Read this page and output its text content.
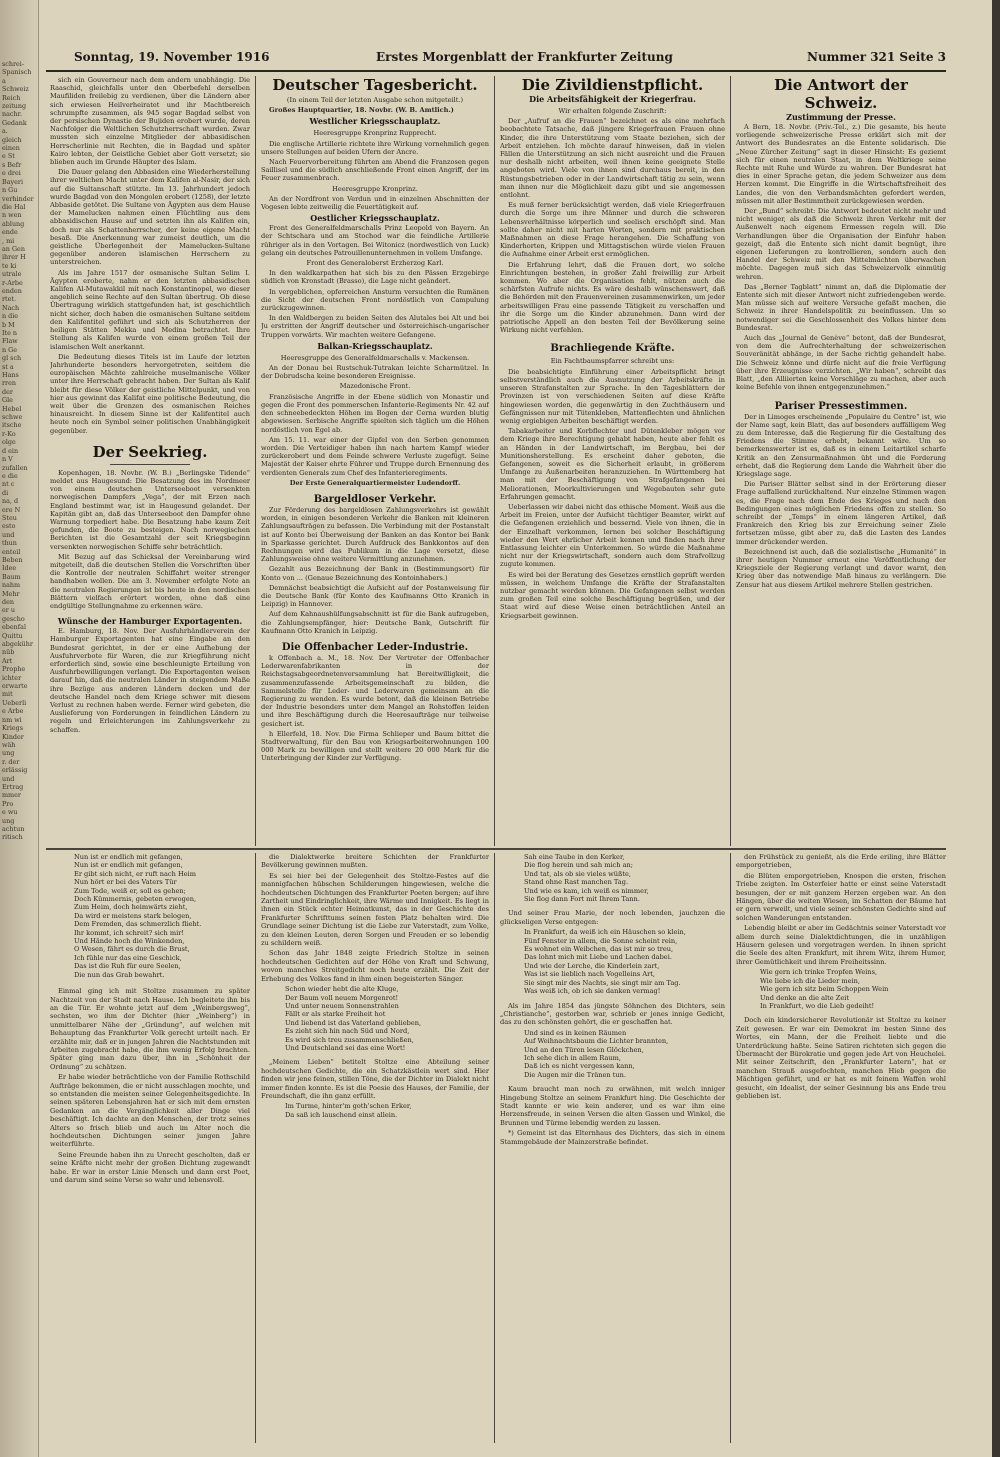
schrei-
Spanisch
a
Schweiz
Reich
zeitung
nachr.
Gedank
a.
gleich
einen
e St
s Befr
e drei
Bayeri
n Gu
verhinder
die Hal
n wen
ablung
ende
, mi
an Gen
ihrer H
te ki
utrale
r-Arbe
enden
rtet.
Nach
n die
b M
Ite n
Flaw
n Ge
gl sch
st a
Hans
rren
der
Gle
Hebel
schwe
itsche
r-Ko
olge
d ein
n V
zufallen
e die
nt c
di
na, d
ere N
Steu
esto
und
thun
enteil
Beben
Idee
Baum
nahm
Mehr
den
er u
gescho
ebenfal
Quittu
abgekühr
nüb
Art
Prophe
ichter
erwarte
mit
Ueberli
e Arbe
nm wi
Kriegs
Kinder
wäh
ung
r. der
erlässig
und
Ertrag
mmer
Pro
e wu
ung
achtun
ritisch
Sonntag, 19. November 1916	Erstes Morgenblatt der Frankfurter Zeitung	Nummer 321 Seite 3

sich ein Gouverneur nach dem andern unabhängig. Die Raaschid, gleichfalls unter den Oberbefehl derselben Maufiliden freilebig zu verdienen, über die Ländern aber sich erwiesen Heilverheiratet und ihr Machtbereich schrumpfte zusammen, als 945 sogar Bagdad selbst von der persischen Dynastie der Bujiden erobert wurde, deren Nachfolger die Weltlichen Schutzherrschaft wurden. Zwar mussten sich einzelne Mitglieder der abbasidischen Herrscherlinie mit Rechten, die in Bagdad und später Kairo lebten, der Geistliche Gebiet aber Gott versetzt; sie blieben auch im Grunde Häupter des Islam.

Die Dauer gelang den Abbasiden eine Wiederherstellung ihrer weltlichen Macht unter dem Kalifen al-Nasir, der sich auf die Sultanschaft stützte. Im 13. Jahrhundert jedoch wurde Bagdad von den Mongolen erobert (1258), der letzte Abbaside getötet. Die Sultane von Ägypten aus dem Hause der Mamelucken nahmen einen Flüchtling aus dem abbasidischen Hause auf und setzten ihn als Kalifen ein, doch nur als Schattenherrscher, der keine eigene Macht besaß. Die Anerkennung war zumeist deutlich, um die geistliche Überlegenheit der Mamelucken-Sultane gegenüber anderen islamischen Herrschern zu unterstreichen.

Als im Jahre 1517 der osmanische Sultan Selim I. Ägypten eroberte, nahm er den letzten abbasidischen Kalifen Al-Mutawakkil mit nach Konstantinopel, wo dieser angeblich seine Rechte auf den Sultan übertrug. Ob diese Übertragung wirklich stattgefunden hat, ist geschichtlich nicht sicher, doch haben die osmanischen Sultane seitdem den Kalifentitel geführt und sich als Schutzherren der heiligen Stätten Mekka und Medina betrachtet. Ihre Stellung als Kalifen wurde von einem großen Teil der islamischen Welt anerkannt.

Die Bedeutung dieses Titels ist im Laufe der letzten Jahrhunderte besonders hervorgetreten, seitdem die europäischen Mächte zahlreiche muselmanische Völker unter ihre Herrschaft gebracht haben. Der Sultan als Kalif bleibt für diese Völker der geistliche Mittelpunkt, und von hier aus gewinnt das Kalifat eine politische Bedeutung, die weit über die Grenzen des osmanischen Reiches hinausreicht. In diesem Sinne ist der Kalifentitel auch heute noch ein Symbol seiner politischen Unabhängigkeit gegenüber.

Der Seekrieg.

Kopenhagen, 18. Novbr. (W. B.) „Berlingske Tidende“ meldet aus Haugesund: Die Besatzung des im Nordmeer von einem deutschen Unterseeboot versenkten norwegischen Dampfers „Vega“, der mit Erzen nach England bestimmt war, ist in Haugesund gelandet. Der Kapitän gibt an, daß das Unterseeboot den Dampfer ohne Warnung torpediert habe. Die Besatzung habe kaum Zeit gefunden, die Boote zu besteigen. Nach norwegischen Berichten ist die Gesamtzahl der seit Kriegsbeginn versenkten norwegischen Schiffe sehr beträchtlich.

Mit Bezug auf das Schicksal der Vereinbarung wird mitgeteilt, daß die deutschen Stellen die Vorschriften über die Kontrolle der neutralen Schiffahrt weiter strenger handhaben wollen. Die am 3. November erfolgte Note an die neutralen Regierungen ist bis heute in den nordischen Blättern vielfach erörtert worden, ohne daß eine endgültige Stellungnahme zu erkennen wäre.

Wünsche der Hamburger Exportagenten.

E. Hamburg, 18. Nov. Der Ausfuhrhändlerverein der Hamburger Exportagenten hat eine Eingabe an den Bundesrat gerichtet, in der er eine Aufhebung der Ausfuhrverbote für Waren, die zur Kriegführung nicht erforderlich sind, sowie eine beschleunigte Erteilung von Ausfuhrbewilligungen verlangt. Die Exportagenten weisen darauf hin, daß die neutralen Länder in steigendem Maße ihre Bezüge aus anderen Ländern decken und der deutsche Handel nach dem Kriege schwer mit diesem Verlust zu rechnen haben werde. Ferner wird gebeten, die Auslieferung von Forderungen in feindlichen Ländern zu regeln und Erleichterungen im Zahlungsverkehr zu schaffen.

Deutscher Tagesbericht.
(In einem Teil der letzten Ausgabe schon mitgeteilt.)

Großes Hauptquartier, 18. Novbr. (W. B. Amtlich.)

Westlicher Kriegsschauplatz.
Heeresgruppe Kronprinz Rupprecht.

Die englische Artillerie richtete ihre Wirkung vornehmlich gegen unsere Stellungen auf beiden Ufern der Ancre.

Nach Feuervorbereitung führten am Abend die Franzosen gegen Saillisel und die südlich anschließende Front einen Angriff, der im Feuer zusammenbrach.

Heeresgruppe Kronprinz.

An der Nordfront von Verdun und in einzelnen Abschnitten der Vogesen lebte zeitweilig die Feuertätigkeit auf.

Oestlicher Kriegsschauplatz.

Front des Generalfeldmarschalls Prinz Leopold von Bayern. An der Schtschara und am Stochod war die feindliche Artillerie rühriger als in den Vortagen. Bei Witonicz (nordwestlich von Luck) gelang ein deutsches Patrouillenunternehmen in vollem Umfange.

Front des Generaloberst Erzherzog Karl.

In den waldkarpathen hat sich bis zu den Pässen Erzgebirge südlich von Kronstadt (Brasso), die Lage nicht geändert.

In vergeblichen, opferreichen Ansturm versuchten die Rumänen die Sicht der deutschen Front nordöstlich von Campulung zurückzugewinnen.

In den Waldbergen zu beiden Seiten des Alutales bei Alt und bei Ju erstritten der Angriff deutscher und österreichisch-ungarischer Truppen vorwärts. Wir machten weitere Gefangene.

Balkan-Kriegsschauplatz.

Heeresgruppe des Generalfeldmarschalls v. Mackensen.

An der Donau bei Rustschuk-Tutrakan leichte Scharmützel. In der Dobrudscha keine besonderen Ereignisse.

Mazedonische Front.

Französische Angriffe in der Ebene südlich von Monastir und gegen die Front des pommerschen Infanterie-Regiments Nr. 42 auf den schneebedeckten Höhen im Bogen der Cerna wurden blutig abgewiesen. Serbische Angriffe spielten sich täglich um die Höhen nordöstlich von Egel ab.

Am 15. 11. war einer der Gipfel von den Serben genommen worden. Die Verteidiger haben ihn nach hartem Kampf wieder zurückerobert und dem Feinde schwere Verluste zugefügt. Seine Majestät der Kaiser ehrte Führer und Truppe durch Ernennung des verdienten Generals zum Chef des Infanterieregiments.

Der Erste Generalquartiermeister Ludendorff.

Bargeldloser Verkehr.

Zur Förderung des bargeldlosen Zahlungsverkehrs ist gewählt worden, in einigen besonderen Verkehr die Banken mit kleineren Zahlungsaufträgen zu befassen. Die Verbindung mit der Postanstalt ist auf Konto bei Überweisung der Banken an das Kontor bei Bank in Sparkasse gerichtet. Durch Aufdruck des Bankkontos auf den Rechnungen wird das Publikum in die Lage versetzt, diese Zahlungsweise ohne weitere Vermittlung anzunehmen.

Gezahlt aus Bezeichnung der Bank in (Bestimmungsort) für Konto von ... (Genaue Bezeichnung des Kontoinhabers.)

Demnächst beabsichtigt die Aufsicht auf der Postanweisung für die Deutsche Bank (für Konto des Kaufmanns Otto Kranich in Leipzig) in Hannover.

Auf dem Kahnaushülfungsabschnitt ist für die Bank aufzugeben, die Zahlungsempfänger, hier: Deutsche Bank, Gutschrift für Kaufmann Otto Kranich in Leipzig.

Die Offenbacher Leder-Industrie.

k Offenbach a. M., 18. Nov. Der Vertreter der Offenbacher Lederwarenfabrikanten in der Reichstagsabgeordnetenversammlung hat Bereitwilligkeit, die zusammenzufassende Arbeitsgemeinschaft zu bilden, die Sammelstelle für Leder- und Lederwaren gemeinsam an die Regierung zu wenden. Es wurde betont, daß die kleinen Betriebe der Industrie besonders unter dem Mangel an Rohstoffen leiden und ihre Beschäftigung durch die Heeresaufträge nur teilweise gesichert ist.

h Ellerfeld, 18. Nov. Die Firma Schlieper und Baum bittet die Stadtverwaltung, für den Bau von Kriegsarbeiterwohnungen 100 000 Mark zu bewilligen und stellt weitere 20 000 Mark für die Unterbringung der Kinder zur Verfügung.

Die Zivildienstpflicht.
Die Arbeitsfähigkeit der Kriegerfrau.

Wir erhalten folgende Zuschrift:

Der „Aufruf an die Frauen“ bezeichnet es als eine mehrfach beobachtete Tatsache, daß jüngere Kriegerfrauen Frauen ohne Kinder, die ihre Unterstützung vom Staate beziehen, sich der Arbeit entziehen. Ich möchte darauf hinweisen, daß in vielen Fällen die Unterstützung an sich nicht ausreicht und die Frauen nur deshalb nicht arbeiten, weil ihnen keine geeignete Stelle angeboten wird. Viele von ihnen sind durchaus bereit, in den Rüstungsbetrieben oder in der Landwirtschaft tätig zu sein, wenn man ihnen nur die Möglichkeit dazu gibt und sie angemessen entlohnt.

Es muß ferner berücksichtigt werden, daß viele Kriegerfrauen durch die Sorge um ihre Männer und durch die schweren Lebensverhältnisse körperlich und seelisch erschöpft sind. Man sollte daher nicht mit harten Worten, sondern mit praktischen Maßnahmen an diese Frage herangehen. Die Schaffung von Kinderhorten, Krippen und Mittagstischen würde vielen Frauen die Aufnahme einer Arbeit erst ermöglichen.

Die Erfahrung lehrt, daß die Frauen dort, wo solche Einrichtungen bestehen, in großer Zahl freiwillig zur Arbeit kommen. Wo aber die Organisation fehlt, nützen auch die schärfsten Aufrufe nichts. Es wäre deshalb wünschenswert, daß die Behörden mit den Frauenvereinen zusammenwirken, um jeder arbeitswilligen Frau eine passende Tätigkeit zu verschaffen und ihr die Sorge um die Kinder abzunehmen. Dann wird der patriotische Appell an den besten Teil der Bevölkerung seine Wirkung nicht verfehlen.

Brachliegende Kräfte.

Ein Fachtbaumspfarrer schreibt uns:

Die beabsichtigte Einführung einer Arbeitspflicht bringt selbstverständlich auch die Ausnutzung der Arbeitskräfte in unseren Strafanstalten zur Sprache. In den Tagesblättern der Provinzen ist von verschiedenen Seiten auf diese Kräfte hingewiesen worden, die gegenwärtig in den Zuchthäusern und Gefängnissen nur mit Tütenkleben, Mattenflechten und ähnlichen wenig ergiebigen Arbeiten beschäftigt werden.

Tabakarbeiter und Korbflechter und Dütenkleber mögen vor dem Kriege ihre Berechtigung gehabt haben, heute aber fehlt es an Händen in der Landwirtschaft, im Bergbau, bei der Munitionsherstellung. Es erscheint daher geboten, die Gefangenen, soweit es die Sicherheit erlaubt, in größerem Umfange zu Außenarbeiten heranzuziehen. In Württemberg hat man mit der Beschäftigung von Strafgefangenen bei Meliorationen, Moorkultivierungen und Wegebauten sehr gute Erfahrungen gemacht.

Ueberlassen wir dabei nicht das ethische Moment. Weiß aus die Arbeit im Freien, unter der Aufsicht tüchtiger Beamter, wirkt auf die Gefangenen erziehlich und bessernd. Viele von ihnen, die in der Einzelhaft verkommen, lernen bei solcher Beschäftigung wieder den Wert ehrlicher Arbeit kennen und finden nach ihrer Entlassung leichter ein Unterkommen. So würde die Maßnahme nicht nur der Kriegswirtschaft, sondern auch dem Strafvollzug zugute kommen.

Es wird bei der Beratung des Gesetzes ernstlich geprüft werden müssen, in welchem Umfange die Kräfte der Strafanstalten nutzbar gemacht werden können. Die Gefangenen selbst werden zum großen Teil eine solche Beschäftigung begrüßen, und der Staat wird auf diese Weise einen beträchtlichen Anteil an Kriegsarbeit gewinnen.

Die Antwort der Schweiz.
Zustimmung der Presse.

A Bern, 18. Novbr. (Priv.-Tel., z.) Die gesamte, bis heute vorliegende schweizerische Presse erklärt sich mit der Antwort des Bundesrates an die Entente solidarisch. Die „Neue Zürcher Zeitung“ sagt in dieser Hinsicht: Es geziemt sich für einen neutralen Staat, in dem Weltkriege seine Rechte mit Ruhe und Würde zu wahren. Der Bundesrat hat dies in einer Sprache getan, die jedem Schweizer aus dem Herzen kommt. Die Eingriffe in die Wirtschaftsfreiheit des Landes, die von den Verbandsmächten gefordert werden, müssen mit aller Bestimmtheit zurückgewiesen werden.

Der „Bund“ schreibt: Die Antwort bedeutet nicht mehr und nicht weniger, als daß die Schweiz ihren Verkehr mit der Außenwelt nach eigenem Ermessen regeln will. Die Verhandlungen über die Organisation der Einfuhr haben gezeigt, daß die Entente sich nicht damit begnügt, ihre eigenen Lieferungen zu kontrollieren, sondern auch den Handel der Schweiz mit den Mittelmächten überwachen möchte. Dagegen muß sich das Schweizervolk einmütig wehren.

Das „Berner Tagblatt“ nimmt an, daß die Diplomatie der Entente sich mit dieser Antwort nicht zufriedengeben werde. Man müsse sich auf weitere Versuche gefaßt machen, die Schweiz in ihrer Handelspolitik zu beeinflussen. Um so notwendiger sei die Geschlossenheit des Volkes hinter dem Bundesrat.

Auch das „Journal de Genève“ betont, daß der Bundesrat, von dem die Aufrechterhaltung der schweizerischen Souveränität abhänge, in der Sache richtig gehandelt habe. Die Schweiz könne und dürfe nicht auf die freie Verfügung über ihre Erzeugnisse verzichten. „Wir haben“, schreibt das Blatt, „den Alliierten keine Vorschläge zu machen, aber auch keine Befehle von ihnen entgegenzunehmen.“

Pariser Pressestimmen.

Der in Limoges erscheinende „Populaire du Centre“ ist, wie der Name sagt, kein Blatt, das auf besonders auffälligem Weg zu dem Interesse, daß die Regierung für die Gestaltung des Friedens die Stimme erhebt, bekannt wäre. Um so bemerkenswerter ist es, daß es in einem Leitartikel scharfe Kritik an den Zensurmaßnahmen übt und die Forderung erhebt, daß die Regierung dem Lande die Wahrheit über die Kriegslage sage.

Die Pariser Blätter selbst sind in der Erörterung dieser Frage auffallend zurückhaltend. Nur einzelne Stimmen wagen es, die Frage nach dem Ende des Krieges und nach den Bedingungen eines möglichen Friedens offen zu stellen. So schreibt der „Temps“ in einem längeren Artikel, daß Frankreich den Krieg bis zur Erreichung seiner Ziele fortsetzen müsse, gibt aber zu, daß die Lasten des Landes immer drückender werden.

Bezeichnend ist auch, daß die sozialistische „Humanité“ in ihrer heutigen Nummer erneut eine Veröffentlichung der Kriegsziele der Regierung verlangt und davor warnt, den Krieg über das notwendige Maß hinaus zu verlängern. Die Zensur hat aus diesem Artikel mehrere Stellen gestrichen.

Nun ist er endlich mit gefangen,
Nun ist er endlich mit gefangen,
Er gibt sich nicht, er ruft nach Heim
Nun hört er bei des Vaters Tür
Zum Tode, weiß er, soll es gehen;
Doch Kümmernis, gebeten erwogen,
Zum Heim, doch heimwärts zieht,
Da wird er meistens stark belogen,
Dem Fremden, das schmerzlich flieht.
Ihr kommt, ich schreit? sich mir!
Und Hände hoch die Winkenden,
O Wesen, fährt es durch die Brust,
Ich fühle nur das eine Geschick,
Das ist die Ruh für eure Seelen,
Die nun das Grab bewahrt.

Einmal ging ich mit Stoltze zusammen zu später Nachtzeit von der Stadt nach Hause. Ich begleitete ihn bis an die Tür. Er wohnte jetzt auf dem „Weinbergsweg“, sechsten, wo ihm der Dichter (hier „Weinberg“) in unmittelbarer Nähe der „Gründung“, auf welchen mit Behauptung das Frankfurter Volk gerecht urteilt nach. Er erzählte mir, daß er in jungen Jahren die Nachtstunden mit Arbeiten zugebracht habe, die ihm wenig Erfolg brachten. Später ging man dazu über, ihn in „Schönheit der Ordnung“ zu schätzen.

Er habe wieder beträchtliche von der Familie Rothschild Aufträge bekommen, die er nicht ausschlagen mochte, und so entstanden die meisten seiner Gelegenheitsgedichte. In seinen späteren Lebensjahren hat er sich mit dem ernsten Gedanken an die Vergänglichkeit aller Dinge viel beschäftigt. Ich dachte an den Menschen, der trotz seines Alters so frisch blieb und auch im Alter noch die hochdeutschen Dichtungen seiner jungen Jahre weiterführte.

Seine Freunde haben ihn zu Unrecht gescholten, daß er seine Kräfte nicht mehr der großen Dichtung zugewandt habe. Er war in erster Linie Mensch und dann erst Poet, und darum sind seine Verse so wahr und lebensvoll.

die Dialektwerke breitere Schichten der Frankfurter Bevölkerung gewinnen mußten.

Es sei hier bei der Gelegenheit des Stoltze-Festes auf die mannigfachen hübschen Schilderungen hingewiesen, welche die hochdeutschen Dichtungen des Frankfurter Poeten bergen; auf ihre Zartheit und Eindringlichkeit, ihre Wärme und Innigkeit. Es liegt in ihnen ein Stück echter Heimatkunst, das in der Geschichte des Frankfurter Schrifttums seinen festen Platz behalten wird. Die Grundlage seiner Dichtung ist die Liebe zur Vaterstadt, zum Volke, zu den kleinen Leuten, deren Sorgen und Freuden er so lebendig zu schildern weiß.

Schon das Jahr 1848 zeigte Friedrich Stoltze in seinen hochdeutschen Gedichten auf der Höhe von Kraft und Schwung, wovon manches Streitgedicht noch heute erzählt. Die Zeit der Erhebung des Volkes fand in ihm einen begeisterten Sänger.

Schon wieder hebt die alte Kluge,
Der Baum voll neuem Morgenrot!
Und unter neuem Sonnenstrahlen
Fällt er als starke Freiheit hot
Und liebend ist das Vaterland geblieben,
Es zieht sich hin nach Süd und Nord,
Es wird sich treu zusammenschließen,
Und Deutschland sei das eine Wort!

„Meinem Lieben“ betitelt Stoltze eine Abteilung seiner hochdeutschen Gedichte, die ein Schatzkästlein wert sind. Hier finden wir jene feinen, stillen Töne, die der Dichter im Dialekt nicht immer finden konnte. Es ist die Poesie des Hauses, der Familie, der Freundschaft, die ihn ganz erfüllt.

Im Turme, hinter'm goth'schen Erker,
Da saß ich lauschend einst allein.
Sah eine Taube in den Kerker,
Die flog herein und sah mich an;
Und tat, als ob sie vieles wüßte,
Stand ohne Rast manchen Tag.
Und wie es kam, ich weiß es nimmer,
Sie flog dann Fort mit Ihrem Tann.

Und seiner Frau Marie, der noch lebenden, jauchzen die glückseligen Verse entgegen:

In Frankfurt, da weiß ich ein Häuschen so klein,
Fünf Fenster in allem, die Sonne scheint rein,
Es wohnet ein Weibchen, das ist mir so treu,
Das lohnt mich mit Liebe und Lachen dabei.
Und wie der Lerche, die Kinderlein zart,
Was ist sie lieblich nach Vogelleins Art,
Sie singt mir des Nachts, sie singt mir am Tag.
Was weiß ich, ob ich sie danken vermag!

Als im Jahre 1854 das jüngste Söhnchen des Dichters, sein „Christianche“, gestorben war, schrieb er jenes innige Gedicht, das zu den schönsten gehört, die er geschaffen hat.

Und sind es in keinen Räumen
Auf Weihnachtsbaum die Lichter brannten,
Und an den Türen lesen Glöckchen,
Ich sehe dich in allem Raum,
Daß ich es nicht vergessen kann,
Die Augen mir die Tränen tun.

Kaum braucht man noch zu erwähnen, mit welch inniger Hingebung Stoltze an seinem Frankfurt hing. Die Geschichte der Stadt kannte er wie kein anderer, und es war ihm eine Herzensfreude, in seinen Versen die alten Gassen und Winkel, die Brunnen und Türme lebendig werden zu lassen.

*) Gemeint ist das Elternhaus des Dichters, das sich in einem Stammgebäude der Mainzerstraße befindet.

den Frühstück zu genießt, als die Erde eriling, ihre Blätter emporgetrieben,

die Blüten emporgetrieben, Knospen die ersten, frischen Triebe zeigten. Im Osterfeier hatte er einst seine Vaterstadt besungen, der er mit ganzem Herzen ergeben war. An den Hängen, über die weiten Wiesen, im Schatten der Bäume hat er gern verweilt, und viele seiner schönsten Gedichte sind auf solchen Wanderungen entstanden.

Lebendig bleibt er aber im Gedächtnis seiner Vaterstadt vor allem durch seine Dialektdichtungen, die in unzähligen Häusern gelesen und vorgetragen werden. In ihnen spricht die Seele des alten Frankfurt, mit ihrem Witz, ihrem Humor, ihrer Gemütlichkeit und ihrem Freiheitssinn.

Wie gern ich trinke Tropfen Weins,
Wie liebe ich die Lieder mein,
Wie gern ich sitz beim Schoppen Wein
Und denke an die alte Zeit
In Frankfurt, wo die Lieb gedeiht!

Doch ein kindersicherer Revolutionär ist Stoltze zu keiner Zeit gewesen. Er war ein Demokrat im besten Sinne des Wortes, ein Mann, der die Freiheit liebte und die Unterdrückung haßte. Seine Satiren richteten sich gegen die Übermacht der Bürokratie und gegen jede Art von Heuchelei. Mit seiner Zeitschrift, den „Frankfurter Latern“, hat er manchen Strauß ausgefochten, manchen Hieb gegen die Mächtigen geführt, und er hat es mit feinem Waffen wohl gesucht, ein Idealist, der seiner Gesinnung bis ans Ende treu geblieben ist.
